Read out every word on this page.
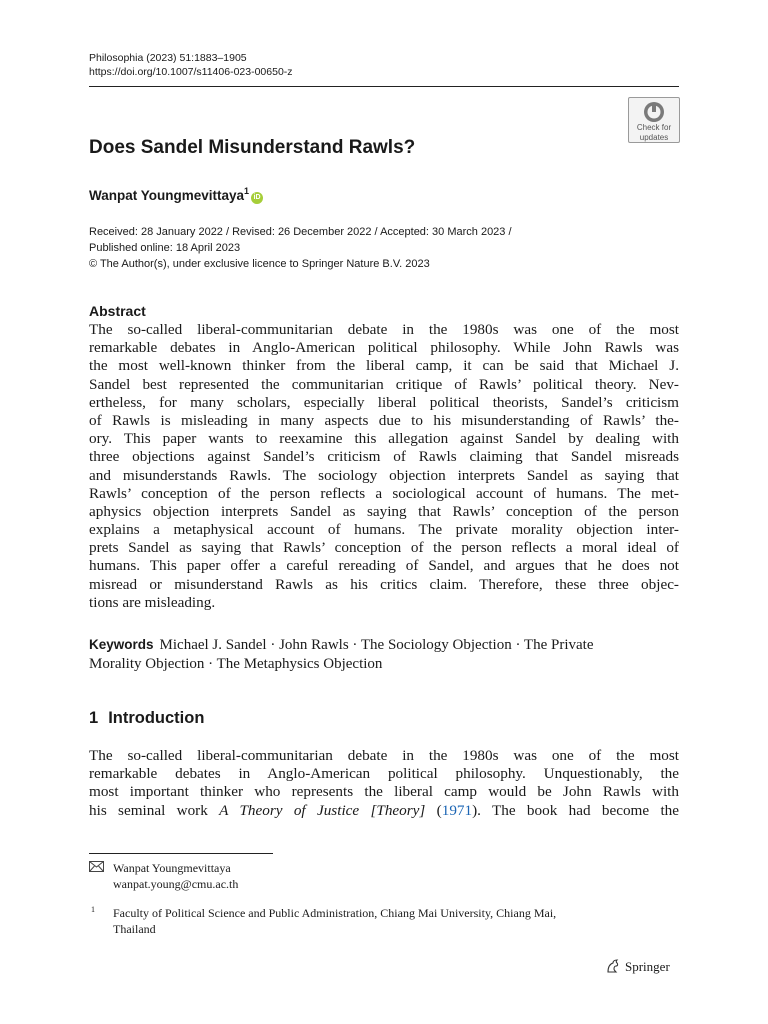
Philosophia (2023) 51:1883–1905
https://doi.org/10.1007/s11406-023-00650-z
Check for
updates
Does Sandel Misunderstand Rawls?
Wanpat Youngmevittaya$^1$iD
Received: 28 January 2022 / Revised: 26 December 2022 / Accepted: 30 March 2023 /
Published online: 18 April 2023
© The Author(s), under exclusive licence to Springer Nature B.V. 2023
Abstract
The so-called liberal-communitarian debate in the 1980s was one of the most
remarkable debates in Anglo-American political philosophy. While John Rawls was
the most well-known thinker from the liberal camp, it can be said that Michael J.
Sandel best represented the communitarian critique of Rawls’ political theory. Nev-
ertheless, for many scholars, especially liberal political theorists, Sandel’s criticism
of Rawls is misleading in many aspects due to his misunderstanding of Rawls’ the-
ory. This paper wants to reexamine this allegation against Sandel by dealing with
three objections against Sandel’s criticism of Rawls claiming that Sandel misreads
and misunderstands Rawls. The sociology objection interprets Sandel as saying that
Rawls’ conception of the person reflects a sociological account of humans. The met-
aphysics objection interprets Sandel as saying that Rawls’ conception of the person
explains a metaphysical account of humans. The private morality objection inter-
prets Sandel as saying that Rawls’ conception of the person reflects a moral ideal of
humans. This paper offer a careful rereading of Sandel, and argues that he does not
misread or misunderstand Rawls as his critics claim. Therefore, these three objec-
tions are misleading.
Keywords Michael J. Sandel · John Rawls · The Sociology Objection · The Private
Morality Objection · The Metaphysics Objection
1 Introduction
The so-called liberal-communitarian debate in the 1980s was one of the most
remarkable debates in Anglo-American political philosophy. Unquestionably, the
most important thinker who represents the liberal camp would be John Rawls with
his seminal work A Theory of Justice [Theory] (1971). The book had become the
Wanpat Youngmevittaya
wanpat.young@cmu.ac.th
1 Faculty of Political Science and Public Administration, Chiang Mai University, Chiang Mai,
Thailand
Springer
